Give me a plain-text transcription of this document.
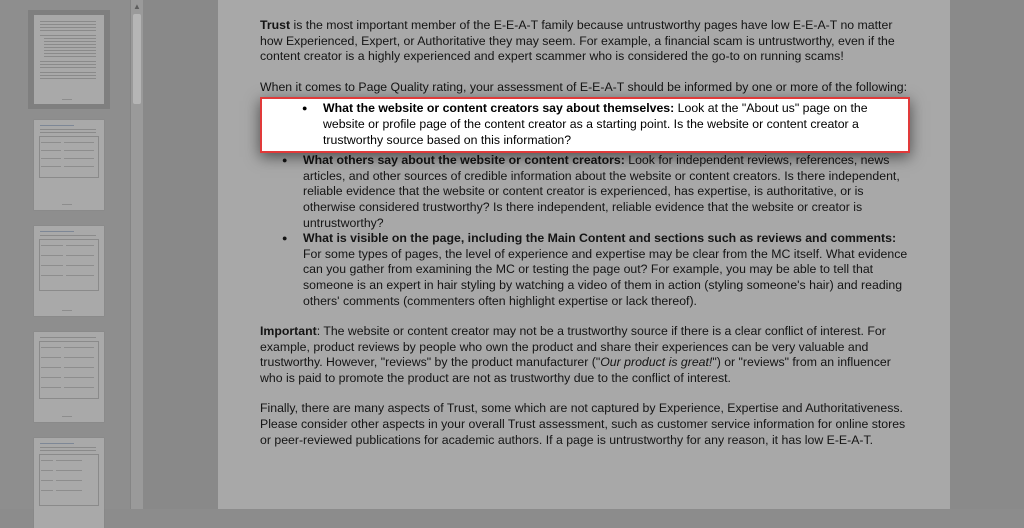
▲

Trust is the most important member of the E-E-A-T family because untrustworthy pages have low E-E-A-T no matter how Experienced, Expert, or Authoritative they may seem. For example, a financial scam is untrustworthy, even if the content creator is a highly experienced and expert scammer who is considered the go-to on running scams!

When it comes to Page Quality rating, your assessment of E-E-A-T should be informed by one or more of the following:

● What the website or content creators say about themselves: Look at the "About us" page on the website or profile page of the content creator as a starting point. Is the website or content creator a trustworthy source based on this information?
● What others say about the website or content creators: Look for independent reviews, references, news articles, and other sources of credible information about the website or content creators. Is there independent, reliable evidence that the website or content creator is experienced, has expertise, is authoritative, or is otherwise considered trustworthy? Is there independent, reliable evidence that the website or creator is untrustworthy?
● What is visible on the page, including the Main Content and sections such as reviews and comments: For some types of pages, the level of experience and expertise may be clear from the MC itself. What evidence can you gather from examining the MC or testing the page out? For example, you may be able to tell that someone is an expert in hair styling by watching a video of them in action (styling someone's hair) and reading others' comments (commenters often highlight expertise or lack thereof).

Important: The website or content creator may not be a trustworthy source if there is a clear conflict of interest. For example, product reviews by people who own the product and share their experiences can be very valuable and trustworthy. However, "reviews" by the product manufacturer ("Our product is great!") or "reviews" from an influencer who is paid to promote the product are not as trustworthy due to the conflict of interest.

Finally, there are many aspects of Trust, some which are not captured by Experience, Expertise and Authoritativeness. Please consider other aspects in your overall Trust assessment, such as customer service information for online stores or peer-reviewed publications for academic authors. If a page is untrustworthy for any reason, it has low E-E-A-T.
